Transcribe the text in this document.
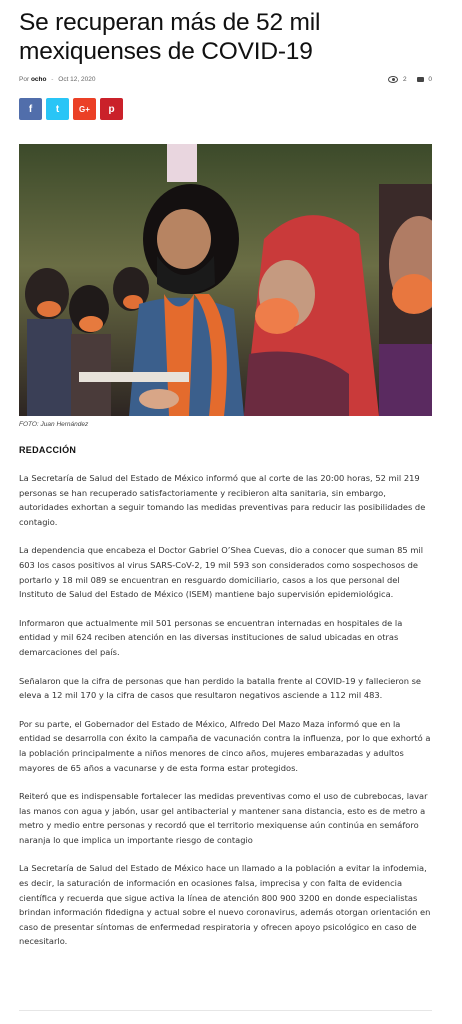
Se recuperan más de 52 mil mexiquenses de COVID-19
Por ocho - Oct 12, 2020	2	0
f t G+ p
FOTO: Juan Hernández
REDACCIÓN

La Secretaría de Salud del Estado de México informó que al corte de las 20:00 horas, 52 mil 219 personas se han recuperado satisfactoriamente y recibieron alta sanitaria, sin embargo, autoridades exhortan a seguir tomando las medidas preventivas para reducir las posibilidades de contagio.

La dependencia que encabeza el Doctor Gabriel O’Shea Cuevas, dio a conocer que suman 85 mil 603 los casos positivos al virus SARS-CoV-2, 19 mil 593 son considerados como sospechosos de portarlo y 18 mil 089 se encuentran en resguardo domiciliario, casos a los que personal del Instituto de Salud del Estado de México (ISEM) mantiene bajo supervisión epidemiológica.

Informaron que actualmente mil 501 personas se encuentran internadas en hospitales de la entidad y mil 624 reciben atención en las diversas instituciones de salud ubicadas en otras demarcaciones del país.

Señalaron que la cifra de personas que han perdido la batalla frente al COVID-19 y fallecieron se eleva a 12 mil 170 y la cifra de casos que resultaron negativos asciende a 112 mil 483.

Por su parte, el Gobernador del Estado de México, Alfredo Del Mazo Maza informó que en la entidad se desarrolla con éxito la campaña de vacunación contra la influenza, por lo que exhortó a la población principalmente a niños menores de cinco años, mujeres embarazadas y adultos mayores de 65 años a vacunarse y de esta forma estar protegidos.

Reiteró que es indispensable fortalecer las medidas preventivas como el uso de cubrebocas, lavar las manos con agua y jabón, usar gel antibacterial y mantener sana distancia, esto es de metro a metro y medio entre personas y recordó que el territorio mexiquense aún continúa en semáforo naranja lo que implica un importante riesgo de contagio

La Secretaría de Salud del Estado de México hace un llamado a la población a evitar la infodemia, es decir, la saturación de información en ocasiones falsa, imprecisa y con falta de evidencia científica y recuerda que sigue activa la línea de atención 800 900 3200 en donde especialistas brindan información fidedigna y actual sobre el nuevo coronavirus, además otorgan orientación en caso de presentar síntomas de enfermedad respiratoria y ofrecen apoyo psicológico en caso de necesitarlo.
